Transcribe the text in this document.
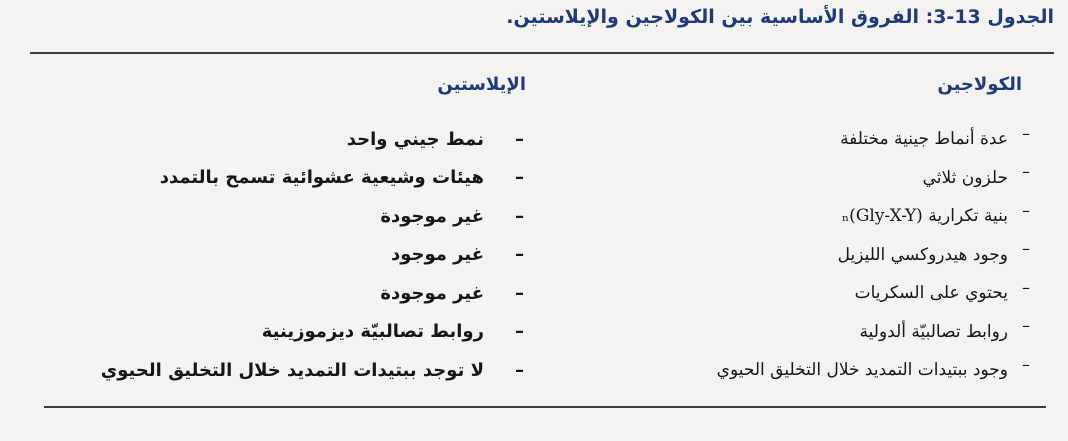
الجدول 13-3: الفروق الأساسية بين الكولاجين والإيلاستين.
الكولاجين
الإيلاستين
–
عدة أنماط جينية مختلفة
–
حلزون ثلاثي
–
بنية تكرارية (Gly-X-Y)ₙ
–
وجود هيدروكسي الليزيل
–
يحتوي على السكريات
–
روابط تصالبيّة ألدولية
–
وجود ببتيدات التمديد خلال التخليق الحيوي
–
نمط جيني واحد
–
هيئات وشيعية عشوائية تسمح بالتمدد
–
غير موجودة
–
غير موجود
–
غير موجودة
–
روابط تصالبيّة ديزموزينية
–
لا توجد ببتيدات التمديد خلال التخليق الحيوي
